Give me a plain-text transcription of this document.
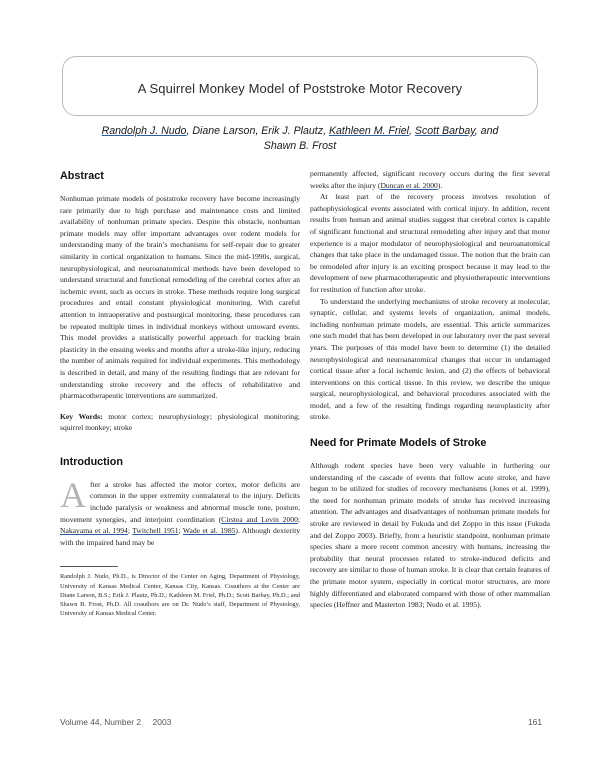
A Squirrel Monkey Model of Poststroke Motor Recovery
Randolph J. Nudo, Diane Larson, Erik J. Plautz, Kathleen M. Friel, Scott Barbay, and
Shawn B. Frost
Abstract

Nonhuman primate models of poststroke recovery have become increasingly rare primarily due to high purchase and maintenance costs and limited availability of nonhuman primate species. Despite this obstacle, nonhuman primate models may offer important advantages over rodent models for understanding many of the brain’s mechanisms for self-repair due to greater similarity in cortical organization to humans. Since the mid-1990s, surgical, neurophysiological, and neuroanatomical methods have been developed to understand structural and functional remodeling of the cerebral cortex after an ischemic event, such as occurs in stroke. These methods require long surgical procedures and entail constant physiological monitoring. With careful attention to intraoperative and postsurgical monitoring, these procedures can be repeated multiple times in individual monkeys without untoward events. This model provides a statistically powerful approach for tracking brain plasticity in the ensuing weeks and months after a stroke-like injury, reducing the number of animals required for individual experiments. This methodology is described in detail, and many of the resulting findings that are relevant for understanding stroke recovery and the effects of rehabilitative and pharmacotherapeutic interventions are summarized.

Key Words: motor cortex; neurophysiology; physiological monitoring; squirrel monkey; stroke

Introduction
A fter a stroke has affected the motor cortex, motor deficits are common in the upper extremity contralateral to the injury. Deficits include paralysis or weakness and abnormal muscle tone, posture, movement synergies, and interjoint coordination (Cirstea and Levin 2000; Nakayama et al. 1994; Twitchell 1951; Wade et al. 1985). Although dexterity with the impaired hand may be

Randolph J. Nudo, Ph.D., is Director of the Center on Aging, Department of Physiology, University of Kansas Medical Center, Kansas City, Kansas. Coauthors at the Center are Diane Larson, B.S.; Erik J. Plautz, Ph.D.; Kathleen M. Friel, Ph.D.; Scott Barbay, Ph.D.; and Shawn B. Frost, Ph.D. All coauthors are on Dr. Nudo’s staff, Department of Physiology, University of Kansas Medical Center.

permanently affected, significant recovery occurs during the first several weeks after the injury (Duncan et al. 2000).

At least part of the recovery process involves resolution of pathophysiological events associated with cortical injury. In addition, recent results from human and animal studies suggest that cerebral cortex is capable of significant functional and structural remodeling after injury and that motor experience is a major modulator of neurophysiological and neuroanatomical changes that take place in the undamaged tissue. The notion that the brain can be remodeled after injury is an exciting prospect because it may lead to the development of new pharmacotherapeutic and physiotherapeutic interventions for restitution of function after stroke.

To understand the underlying mechanisms of stroke recovery at molecular, synaptic, cellular, and systems levels of organization, animal models, including nonhuman primate models, are essential. This article summarizes one such model that has been developed in our laboratory over the past several years. The purposes of this model have been to determine (1) the detailed neurophysiological and neuroanatomical changes that occur in undamaged cortical tissue after a focal ischemic lesion, and (2) the effects of behavioral interventions on this cortical tissue. In this review, we describe the unique surgical, neurophysiological, and behavioral procedures associated with the model, and a few of the resulting findings regarding neuroplasticity after stroke.

Need for Primate Models of Stroke

Although rodent species have been very valuable in furthering our understanding of the cascade of events that follow acute stroke, and have begun to be utilized for studies of recovery mechanisms (Jones et al. 1999), the need for nonhuman primate models of stroke has received increasing attention. The advantages and disadvantages of nonhuman primate models for stroke are reviewed in detail by Fukuda and del Zoppo in this issue (Fukuda and del Zoppo 2003). Briefly, from a heuristic standpoint, nonhuman primate species share a more recent common ancestry with humans, increasing the probability that neural processes related to stroke-induced deficits and recovery are similar to those of human stroke. It is clear that certain features of the primate motor system, especially in cortical motor structures, are more highly differentiated and elaborated compared with those of other mammalian species (Heffner and Masterton 1983; Nudo et al. 1995).

Volume 44, Number 2     2003	161
